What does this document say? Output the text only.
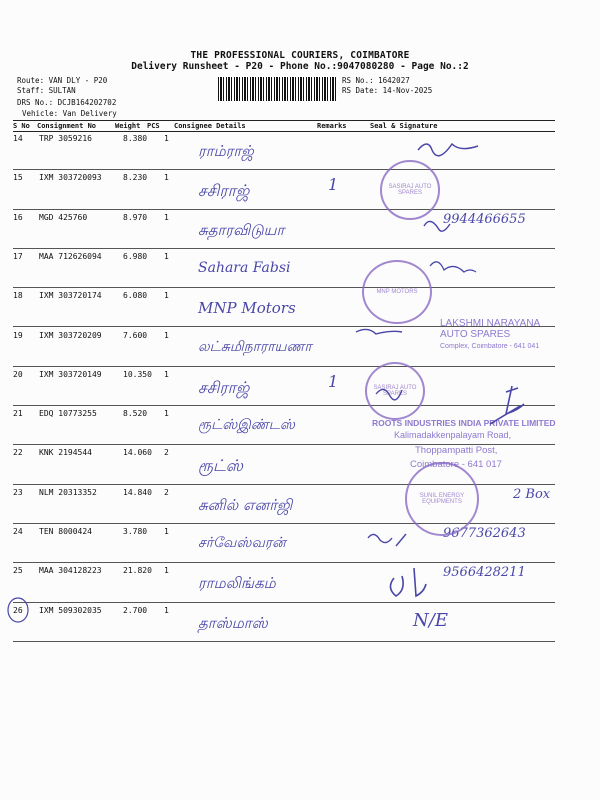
THE PROFESSIONAL COURIERS, COIMBATORE
Delivery Runsheet - P20 - Phone No.:9047080280 - Page No.:2
Route: VAN DLY - P20
Staff: SULTAN
DRS No.: DCJB164202702
Vehicle: Van Delivery
RS No.: 1642027
RS Date: 14-Nov-2025
S No Consignment No	Weight PCS Consignee Details	Remarks	Seal & Signature
14 TRP 3059216	8.380 1
ராம்ராஜ்
15 IXM 303720093	8.230 1
சசிராஜ்	1
16 MGD 425760	8.970 1
சுதாரவிடுயா
9944466655
17 MAA 712626094	6.980 1
Sahara Fabsi
18 IXM 303720174	6.080 1
MNP Motors
19 IXM 303720209	7.600 1
லட்சுமிநாராயணா
20 IXM 303720149	10.350 1
சசிராஜ்	1
21 EDQ 10773255	8.520 1
ரூட்ஸ்இண்டஸ்
22 KNK 2194544	14.060 2
ரூட்ஸ்
23 NLM 20313352	14.840 2
சுனில் எனர்ஜி
2 Box
24 TEN 8000424	3.780 1
சர்வேஸ்வரன்
9677362643
25 MAA 304128223	21.820 1
ராமலிங்கம்
9566428211
26 IXM 509302035	2.700 1
தாஸ்மாஸ்	N/E
SASIRAJ AUTO SPARES
MNP MOTORS
SASIRAJ AUTO SPARES
SUNIL ENERGY EQUIPMENTS
LAKSHMI NARAYANA
AUTO SPARES
Complex, Coimbatore - 641 041
ROOTS INDUSTRIES INDIA PRIVATE LIMITED
Kalimadakkenpalayam Road,
Thoppampatti Post,
Coimbatore - 641 017
